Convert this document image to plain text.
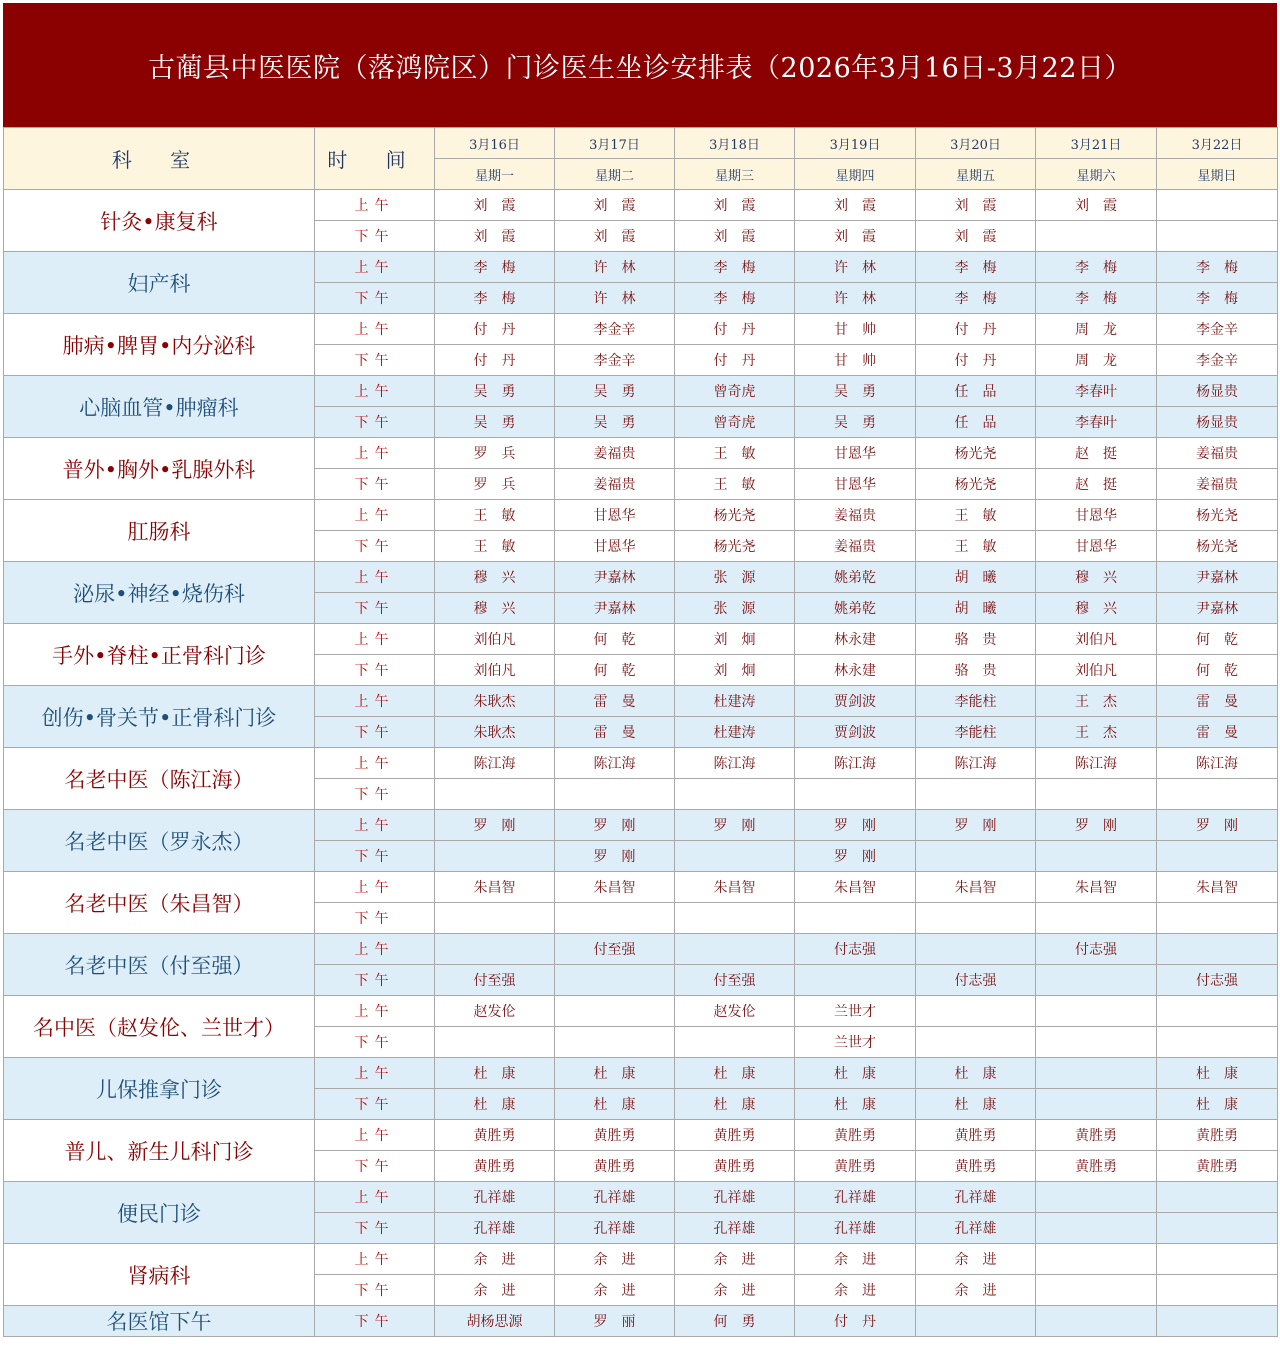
古蔺县中医医院（落鸿院区）门诊医生坐诊安排表（2026年3月16日-3月22日）
科 室	时 间	3月16日	3月17日	3月18日	3月19日	3月20日	3月21日	3月22日
		星期一	星期二	星期三	星期四	星期五	星期六	星期日
针灸•康复科	上午	刘　霞	刘　霞	刘　霞	刘　霞	刘　霞	刘　霞	
	下午	刘　霞	刘　霞	刘　霞	刘　霞	刘　霞		
妇产科	上午	李　梅	许　林	李　梅	许　林	李　梅	李　梅	李　梅
	下午	李　梅	许　林	李　梅	许　林	李　梅	李　梅	李　梅
肺病•脾胃•内分泌科	上午	付　丹	李金辛	付　丹	甘　帅	付　丹	周　龙	李金辛
	下午	付　丹	李金辛	付　丹	甘　帅	付　丹	周　龙	李金辛
心脑血管•肿瘤科	上午	吴　勇	吴　勇	曾奇虎	吴　勇	任　品	李春叶	杨显贵
	下午	吴　勇	吴　勇	曾奇虎	吴　勇	任　品	李春叶	杨显贵
普外•胸外•乳腺外科	上午	罗　兵	姜福贵	王　敏	甘恩华	杨光尧	赵　挺	姜福贵
	下午	罗　兵	姜福贵	王　敏	甘恩华	杨光尧	赵　挺	姜福贵
肛肠科	上午	王　敏	甘恩华	杨光尧	姜福贵	王　敏	甘恩华	杨光尧
	下午	王　敏	甘恩华	杨光尧	姜福贵	王　敏	甘恩华	杨光尧
泌尿•神经•烧伤科	上午	穆　兴	尹嘉林	张　源	姚弟乾	胡　曦	穆　兴	尹嘉林
	下午	穆　兴	尹嘉林	张　源	姚弟乾	胡　曦	穆　兴	尹嘉林
手外•脊柱•正骨科门诊	上午	刘伯凡	何　乾	刘　炯	林永建	骆　贵	刘伯凡	何　乾
	下午	刘伯凡	何　乾	刘　炯	林永建	骆　贵	刘伯凡	何　乾
创伤•骨关节•正骨科门诊	上午	朱耿杰	雷　曼	杜建涛	贾剑波	李能柱	王　杰	雷　曼
	下午	朱耿杰	雷　曼	杜建涛	贾剑波	李能柱	王　杰	雷　曼
名老中医（陈江海）	上午	陈江海	陈江海	陈江海	陈江海	陈江海	陈江海	陈江海
	下午							
名老中医（罗永杰）	上午	罗　刚	罗　刚	罗　刚	罗　刚	罗　刚	罗　刚	罗　刚
	下午		罗　刚		罗　刚			
名老中医（朱昌智）	上午	朱昌智	朱昌智	朱昌智	朱昌智	朱昌智	朱昌智	朱昌智
	下午							
名老中医（付至强）	上午		付至强		付志强		付志强	
	下午	付至强		付至强		付志强		付志强
名中医（赵发伦、兰世才）	上午	赵发伦		赵发伦	兰世才			
	下午				兰世才			
儿保推拿门诊	上午	杜　康	杜　康	杜　康	杜　康	杜　康		杜　康
	下午	杜　康	杜　康	杜　康	杜　康	杜　康		杜　康
普儿、新生儿科门诊	上午	黄胜勇	黄胜勇	黄胜勇	黄胜勇	黄胜勇	黄胜勇	黄胜勇
	下午	黄胜勇	黄胜勇	黄胜勇	黄胜勇	黄胜勇	黄胜勇	黄胜勇
便民门诊	上午	孔祥雄	孔祥雄	孔祥雄	孔祥雄	孔祥雄		
	下午	孔祥雄	孔祥雄	孔祥雄	孔祥雄	孔祥雄		
肾病科	上午	余　进	余　进	余　进	余　进	余　进		
	下午	余　进	余　进	余　进	余　进	余　进		
名医馆下午	下午	胡杨思源	罗　丽	何　勇	付　丹			
